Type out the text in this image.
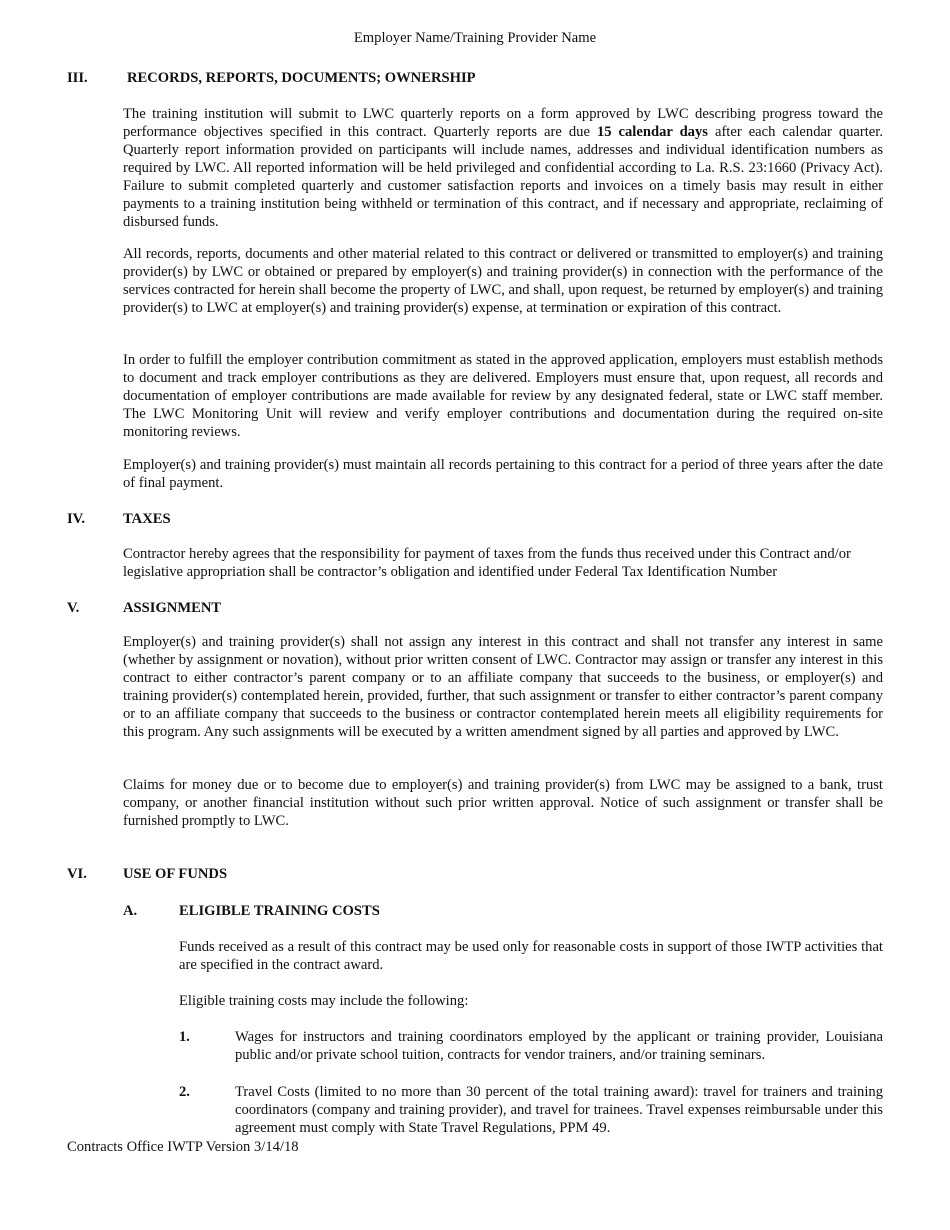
Employer Name/Training Provider Name
III.	RECORDS, REPORTS, DOCUMENTS; OWNERSHIP

The training institution will submit to LWC quarterly reports on a form approved by LWC describing progress toward the performance objectives specified in this contract. Quarterly reports are due 15 calendar days after each calendar quarter. Quarterly report information provided on participants will include names, addresses and individual identification numbers as required by LWC. All reported information will be held privileged and confidential according to La. R.S. 23:1660 (Privacy Act). Failure to submit completed quarterly and customer satisfaction reports and invoices on a timely basis may result in either payments to a training institution being withheld or termination of this contract, and if necessary and appropriate, reclaiming of disbursed funds.

All records, reports, documents and other material related to this contract or delivered or transmitted to employer(s) and training provider(s) by LWC or obtained or prepared by employer(s) and training provider(s) in connection with the performance of the services contracted for herein shall become the property of LWC, and shall, upon request, be returned by employer(s) and training provider(s) to LWC at employer(s) and training provider(s) expense, at termination or expiration of this contract.

In order to fulfill the employer contribution commitment as stated in the approved application, employers must establish methods to document and track employer contributions as they are delivered. Employers must ensure that, upon request, all records and documentation of employer contributions are made available for review by any designated federal, state or LWC staff member. The LWC Monitoring Unit will review and verify employer contributions and documentation during the required on-site monitoring reviews.

Employer(s) and training provider(s) must maintain all records pertaining to this contract for a period of three years after the date of final payment.

IV.	TAXES

Contractor hereby agrees that the responsibility for payment of taxes from the funds thus received under this Contract and/or legislative appropriation shall be contractor’s obligation and identified under Federal Tax Identification Number

V.	ASSIGNMENT

Employer(s) and training provider(s) shall not assign any interest in this contract and shall not transfer any interest in same (whether by assignment or novation), without prior written consent of LWC. Contractor may assign or transfer any interest in this contract to either contractor’s parent company or to an affiliate company that succeeds to the business, or employer(s) and training provider(s) contemplated herein, provided, further, that such assignment or transfer to either contractor’s parent company or to an affiliate company that succeeds to the business or contractor contemplated herein meets all eligibility requirements for this program. Any such assignments will be executed by a written amendment signed by all parties and approved by LWC.

Claims for money due or to become due to employer(s) and training provider(s) from LWC may be assigned to a bank, trust company, or another financial institution without such prior written approval. Notice of such assignment or transfer shall be furnished promptly to LWC.

VI. USE OF FUNDS
A.	ELIGIBLE TRAINING COSTS

Funds received as a result of this contract may be used only for reasonable costs in support of those IWTP activities that are specified in the contract award.

Eligible training costs may include the following:

1.	Wages for instructors and training coordinators employed by the applicant or training provider, Louisiana public and/or private school tuition, contracts for vendor trainers, and/or training seminars.

2.	Travel Costs (limited to no more than 30 percent of the total training award): travel for trainers and training coordinators (company and training provider), and travel for trainees. Travel expenses reimbursable under this agreement must comply with State Travel Regulations, PPM 49.

Contracts Office IWTP Version 3/14/18
